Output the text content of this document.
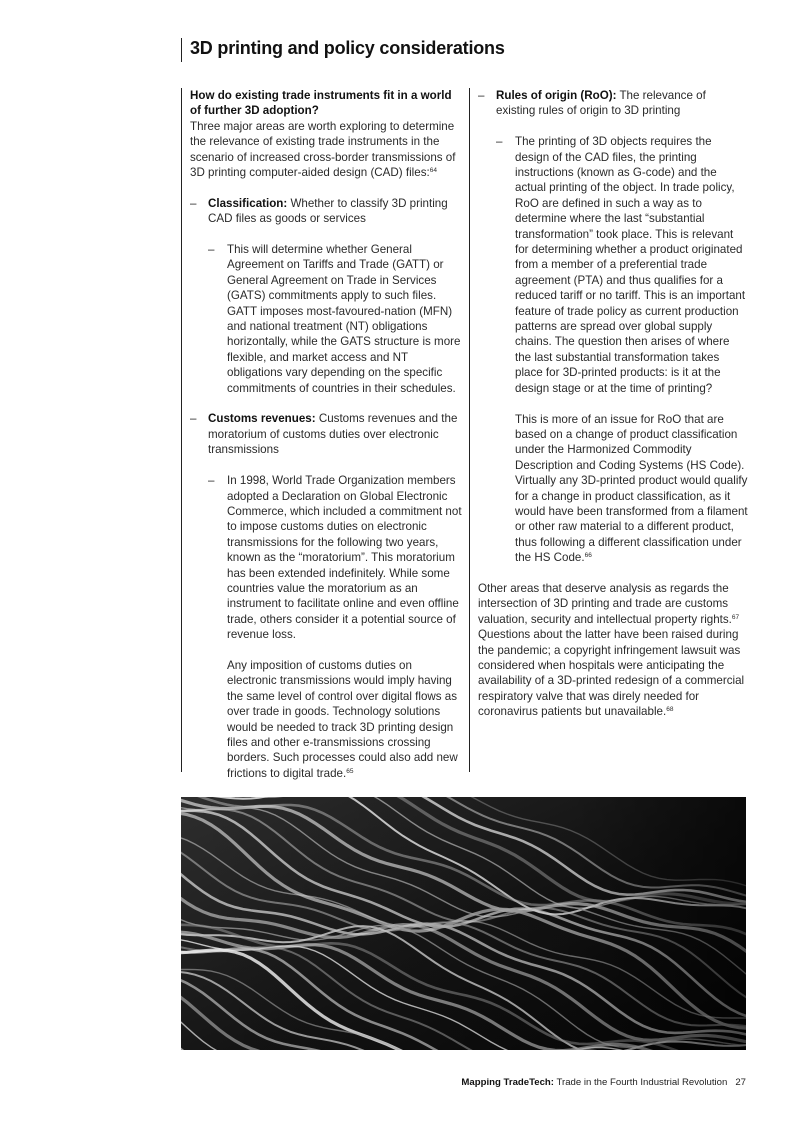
3D printing and policy considerations

How do existing trade instruments fit in a world of further 3D adoption?

Three major areas are worth exploring to determine the relevance of existing trade instruments in the scenario of increased cross-border transmissions of 3D printing computer-aided design (CAD) files:$^{64}$

– Classification: Whether to classify 3D printing CAD files as goods or services

– This will determine whether General Agreement on Tariffs and Trade (GATT) or General Agreement on Trade in Services (GATS) commitments apply to such files. GATT imposes most-favoured-nation (MFN) and national treatment (NT) obligations horizontally, while the GATS structure is more flexible, and market access and NT obligations vary depending on the specific commitments of countries in their schedules.

– Customs revenues: Customs revenues and the moratorium of customs duties over electronic transmissions

– In 1998, World Trade Organization members adopted a Declaration on Global Electronic Commerce, which included a commitment not to impose customs duties on electronic transmissions for the following two years, known as the “moratorium”. This moratorium has been extended indefinitely. While some countries value the moratorium as an instrument to facilitate online and even offline trade, others consider it a potential source of revenue loss.

Any imposition of customs duties on electronic transmissions would imply having the same level of control over digital flows as over trade in goods. Technology solutions would be needed to track 3D printing design files and other e-transmissions crossing borders. Such processes could also add new frictions to digital trade.$^{65}$

– Rules of origin (RoO): The relevance of existing rules of origin to 3D printing

– The printing of 3D objects requires the design of the CAD files, the printing instructions (known as G-code) and the actual printing of the object. In trade policy, RoO are defined in such a way as to determine where the last “substantial transformation” took place. This is relevant for determining whether a product originated from a member of a preferential trade agreement (PTA) and thus qualifies for a reduced tariff or no tariff. This is an important feature of trade policy as current production patterns are spread over global supply chains. The question then arises of where the last substantial transformation takes place for 3D-printed products: is it at the design stage or at the time of printing?

This is more of an issue for RoO that are based on a change of product classification under the Harmonized Commodity Description and Coding Systems (HS Code). Virtually any 3D-printed product would qualify for a change in product classification, as it would have been transformed from a filament or other raw material to a different product, thus following a different classification under the HS Code.$^{66}$

Other areas that deserve analysis as regards the intersection of 3D printing and trade are customs valuation, security and intellectual property rights.$^{67}$ Questions about the latter have been raised during the pandemic; a copyright infringement lawsuit was considered when hospitals were anticipating the availability of a 3D-printed redesign of a commercial respiratory valve that was direly needed for coronavirus patients but unavailable.$^{68}$

Mapping TradeTech: Trade in the Fourth Industrial Revolution 27
